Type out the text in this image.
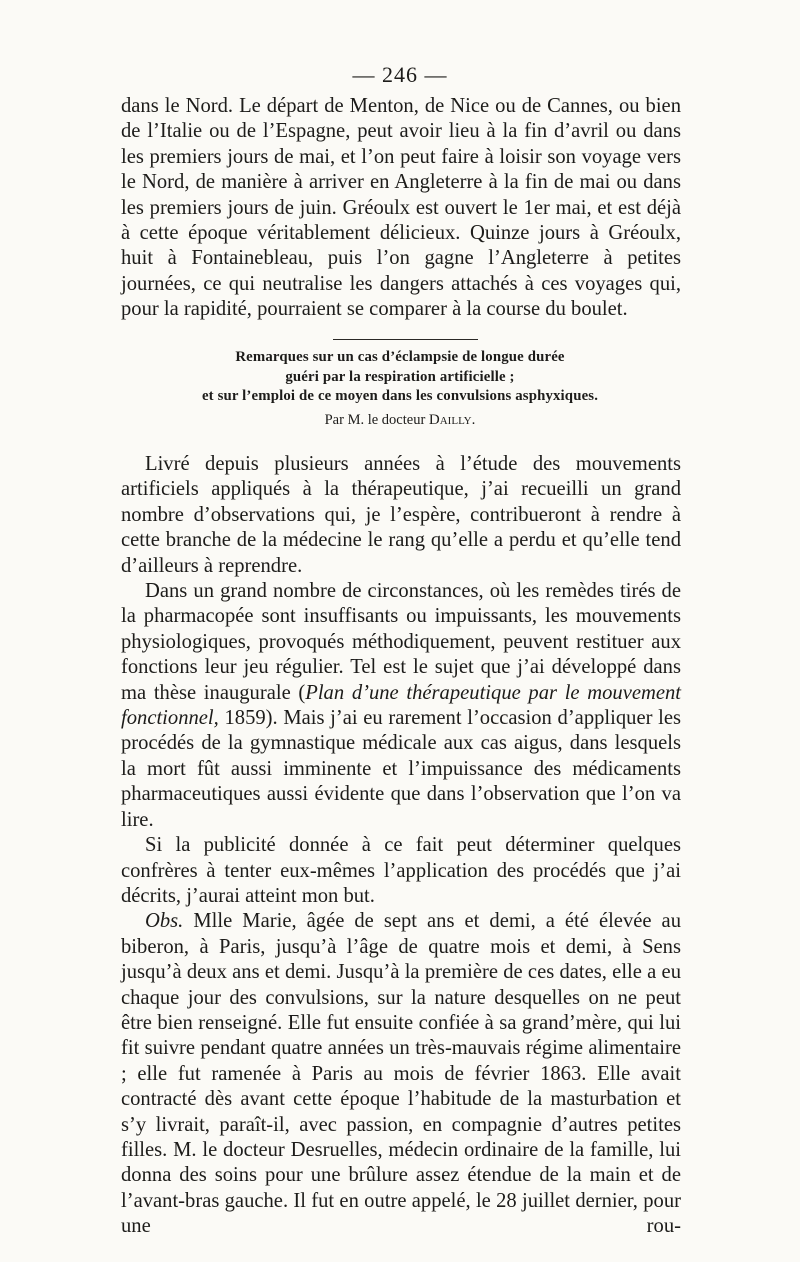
— 246 —

dans le Nord. Le départ de Menton, de Nice ou de Cannes, ou bien de l’Italie ou de l’Espagne, peut avoir lieu à la fin d’avril ou dans les premiers jours de mai, et l’on peut faire à loisir son voyage vers le Nord, de manière à arriver en Angleterre à la fin de mai ou dans les premiers jours de juin. Gréoulx est ouvert le 1er mai, et est déjà à cette époque véritablement délicieux. Quinze jours à Gréoulx, huit à Fontainebleau, puis l’on gagne l’Angleterre à petites journées, ce qui neutralise les dangers attachés à ces voyages qui, pour la rapidité, pourraient se comparer à la course du boulet.

Remarques sur un cas d’éclampsie de longue durée
guéri par la respiration artificielle ;
et sur l’emploi de ce moyen dans les convulsions asphyxiques.
Par M. le docteur Dailly.

Livré depuis plusieurs années à l’étude des mouvements artificiels appliqués à la thérapeutique, j’ai recueilli un grand nombre d’observations qui, je l’espère, contribueront à rendre à cette branche de la médecine le rang qu’elle a perdu et qu’elle tend d’ailleurs à reprendre.

Dans un grand nombre de circonstances, où les remèdes tirés de la pharmacopée sont insuffisants ou impuissants, les mouvements physiologiques, provoqués méthodiquement, peuvent restituer aux fonctions leur jeu régulier. Tel est le sujet que j’ai développé dans ma thèse inaugurale (Plan d’une thérapeutique par le mouvement fonctionnel, 1859). Mais j’ai eu rarement l’occasion d’appliquer les procédés de la gymnastique médicale aux cas aigus, dans lesquels la mort fût aussi imminente et l’impuissance des médicaments pharmaceutiques aussi évidente que dans l’observation que l’on va lire.

Si la publicité donnée à ce fait peut déterminer quelques confrères à tenter eux-mêmes l’application des procédés que j’ai décrits, j’aurai atteint mon but.

Obs. Mlle Marie, âgée de sept ans et demi, a été élevée au biberon, à Paris, jusqu’à l’âge de quatre mois et demi, à Sens jusqu’à deux ans et demi. Jusqu’à la première de ces dates, elle a eu chaque jour des convulsions, sur la nature desquelles on ne peut être bien renseigné. Elle fut ensuite confiée à sa grand’mère, qui lui fit suivre pendant quatre années un très-mauvais régime alimentaire ; elle fut ramenée à Paris au mois de février 1863. Elle avait contracté dès avant cette époque l’habitude de la masturbation et s’y livrait, paraît-il, avec passion, en compagnie d’autres petites filles. M. le docteur Desruelles, médecin ordinaire de la famille, lui donna des soins pour une brûlure assez étendue de la main et de l’avant-bras gauche. Il fut en outre appelé, le 28 juillet dernier, pour une rou-
